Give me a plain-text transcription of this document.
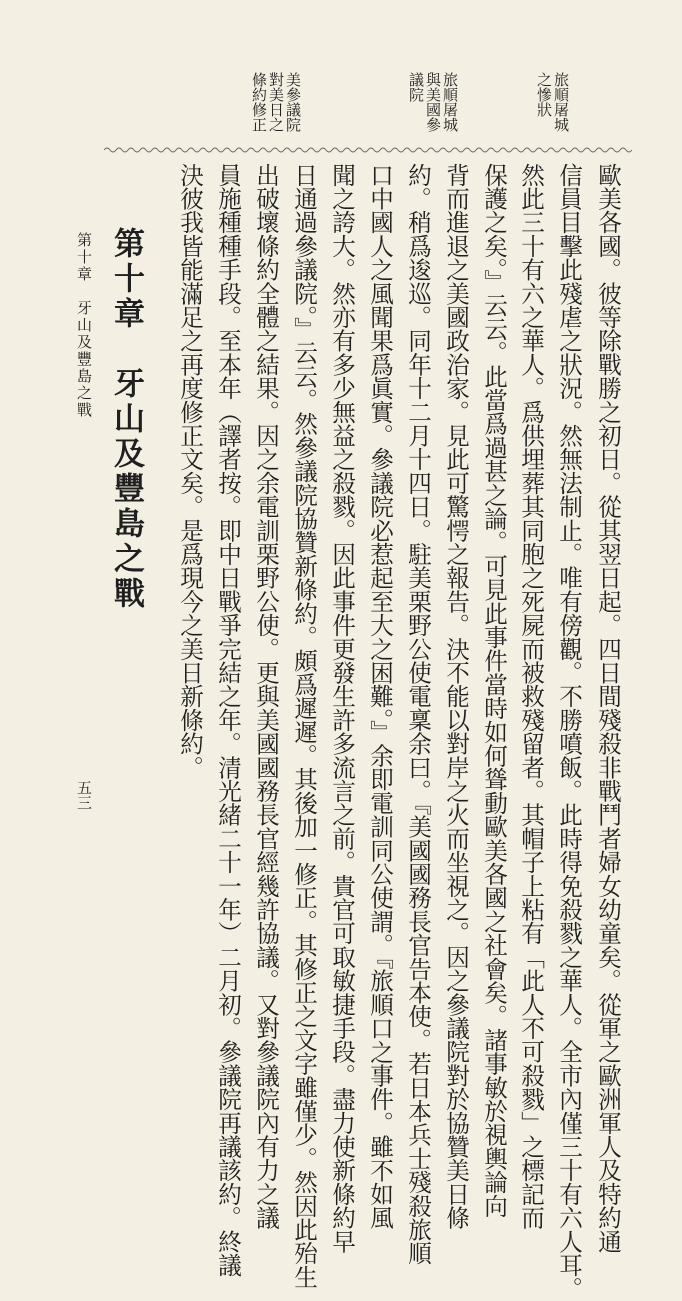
旅順屠城
之慘狀
旅順屠城
與美國參
議院
美參議院
對美日之
條約修正
歐美各國。彼等除戰勝之初日。從其翌日起。四日間殘殺非戰鬥者婦女幼童矣。從軍之歐洲軍人及特約通
信員目擊此殘虐之狀況。然無法制止。唯有傍觀。不勝噴飯。此時得免殺戮之華人。全市內僅三十有六人耳。
然此三十有六之華人。爲供埋葬其同胞之死屍而被救殘留者。其帽子上粘有「此人不可殺戮」之標記而
保護之矣。』云云。此當爲過甚之論。可見此事件當時如何聳動歐美各國之社會矣。諸事敏於視輿論向
背而進退之美國政治家。見此可驚愕之報告。決不能以對岸之火而坐視之。因之參議院對於協贊美日條
約。稍爲逡巡。同年十二月十四日。駐美栗野公使電稟余曰。『美國國務長官告本使。若日本兵士殘殺旅順
口中國人之風聞果爲眞實。參議院必惹起至大之困難。』余即電訓同公使謂。『旅順口之事件。雖不如風
聞之誇大。然亦有多少無益之殺戮。因此事件更發生許多流言之前。貴官可取敏捷手段。盡力使新條約早
日通過參議院。』云云。然參議院協贊新條約。頗爲遲遲。其後加一修正。其修正之文字雖僅少。然因此殆生
出破壞條約全體之結果。因之余電訓栗野公使。更與美國國務長官經幾許協議。又對參議院內有力之議
員施種種手段。至本年（譯者按。即中日戰爭完結之年。清光緒二十一年）二月初。參議院再議該約。終議
決彼我皆能滿足之再度修正文矣。是爲現今之美日新條約。
第十章　牙山及豐島之戰
第十章　牙山及豐島之戰
五三
